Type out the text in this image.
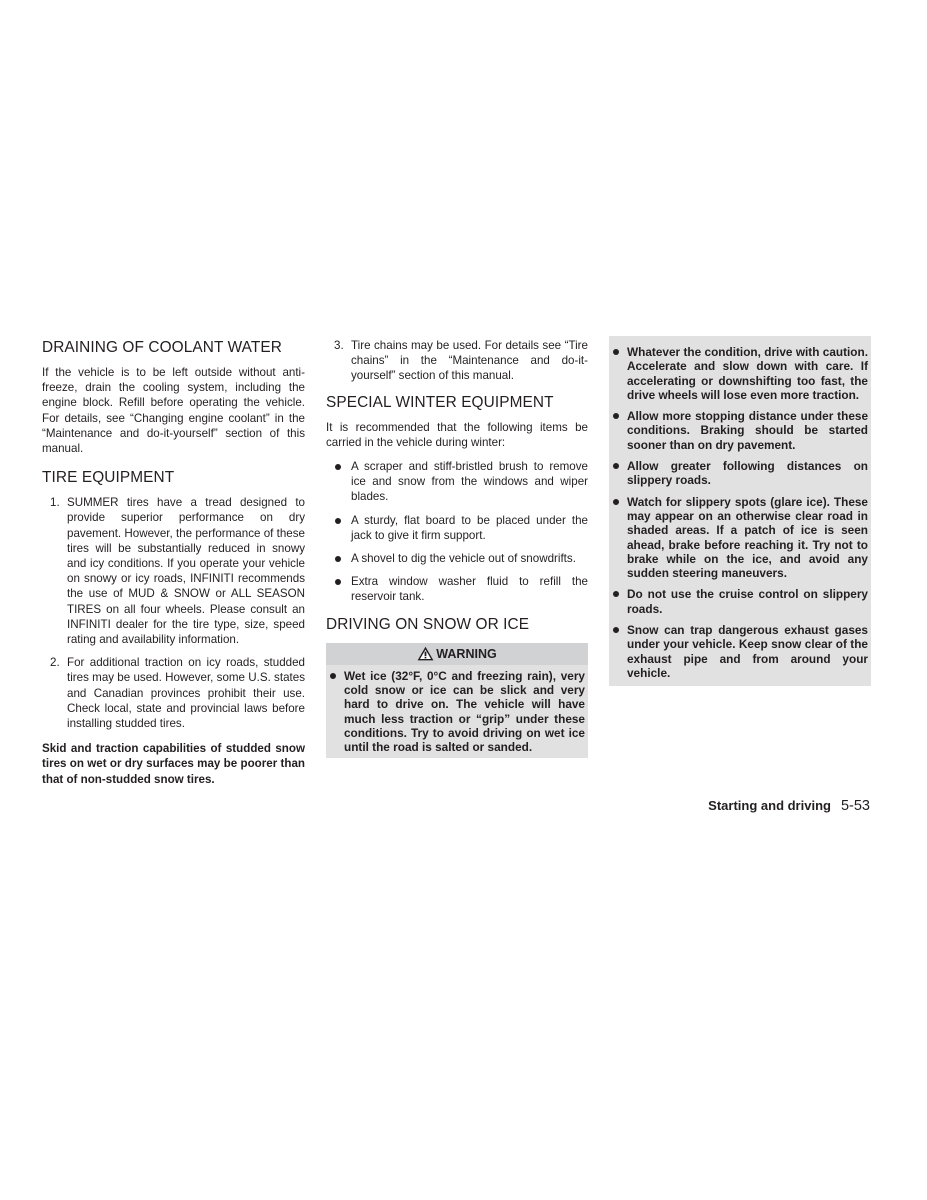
DRAINING OF COOLANT WATER

If the vehicle is to be left outside without anti-freeze, drain the cooling system, including the engine block. Refill before operating the vehicle. For details, see “Changing engine coolant” in the “Maintenance and do-it-yourself” section of this manual.

TIRE EQUIPMENT
1. SUMMER tires have a tread designed to provide superior performance on dry pavement. However, the performance of these tires will be substantially reduced in snowy and icy conditions. If you operate your vehicle on snowy or icy roads, INFINITI recommends the use of MUD & SNOW or ALL SEASON TIRES on all four wheels. Please consult an INFINITI dealer for the tire type, size, speed rating and availability information.
2. For additional traction on icy roads, studded tires may be used. However, some U.S. states and Canadian provinces prohibit their use. Check local, state and provincial laws before installing studded tires.

Skid and traction capabilities of studded snow tires on wet or dry surfaces may be poorer than that of non-studded snow tires.

3. Tire chains may be used. For details see “Tire chains” in the “Maintenance and do-it-yourself” section of this manual.
SPECIAL WINTER EQUIPMENT

It is recommended that the following items be carried in the vehicle during winter:

A scraper and stiff-bristled brush to remove ice and snow from the windows and wiper blades.
A sturdy, flat board to be placed under the jack to give it firm support.
A shovel to dig the vehicle out of snowdrifts.
Extra window washer fluid to refill the reservoir tank.
DRIVING ON SNOW OR ICE
WARNING
Wet ice (32°F, 0°C and freezing rain), very cold snow or ice can be slick and very hard to drive on. The vehicle will have much less traction or “grip” under these conditions. Try to avoid driving on wet ice until the road is salted or sanded.
Whatever the condition, drive with caution. Accelerate and slow down with care. If accelerating or downshifting too fast, the drive wheels will lose even more traction.
Allow more stopping distance under these conditions. Braking should be started sooner than on dry pavement.
Allow greater following distances on slippery roads.
Watch for slippery spots (glare ice). These may appear on an otherwise clear road in shaded areas. If a patch of ice is seen ahead, brake before reaching it. Try not to brake while on the ice, and avoid any sudden steering maneuvers.
Do not use the cruise control on slippery roads.
Snow can trap dangerous exhaust gases under your vehicle. Keep snow clear of the exhaust pipe and from around your vehicle.
Starting and driving 5-53
